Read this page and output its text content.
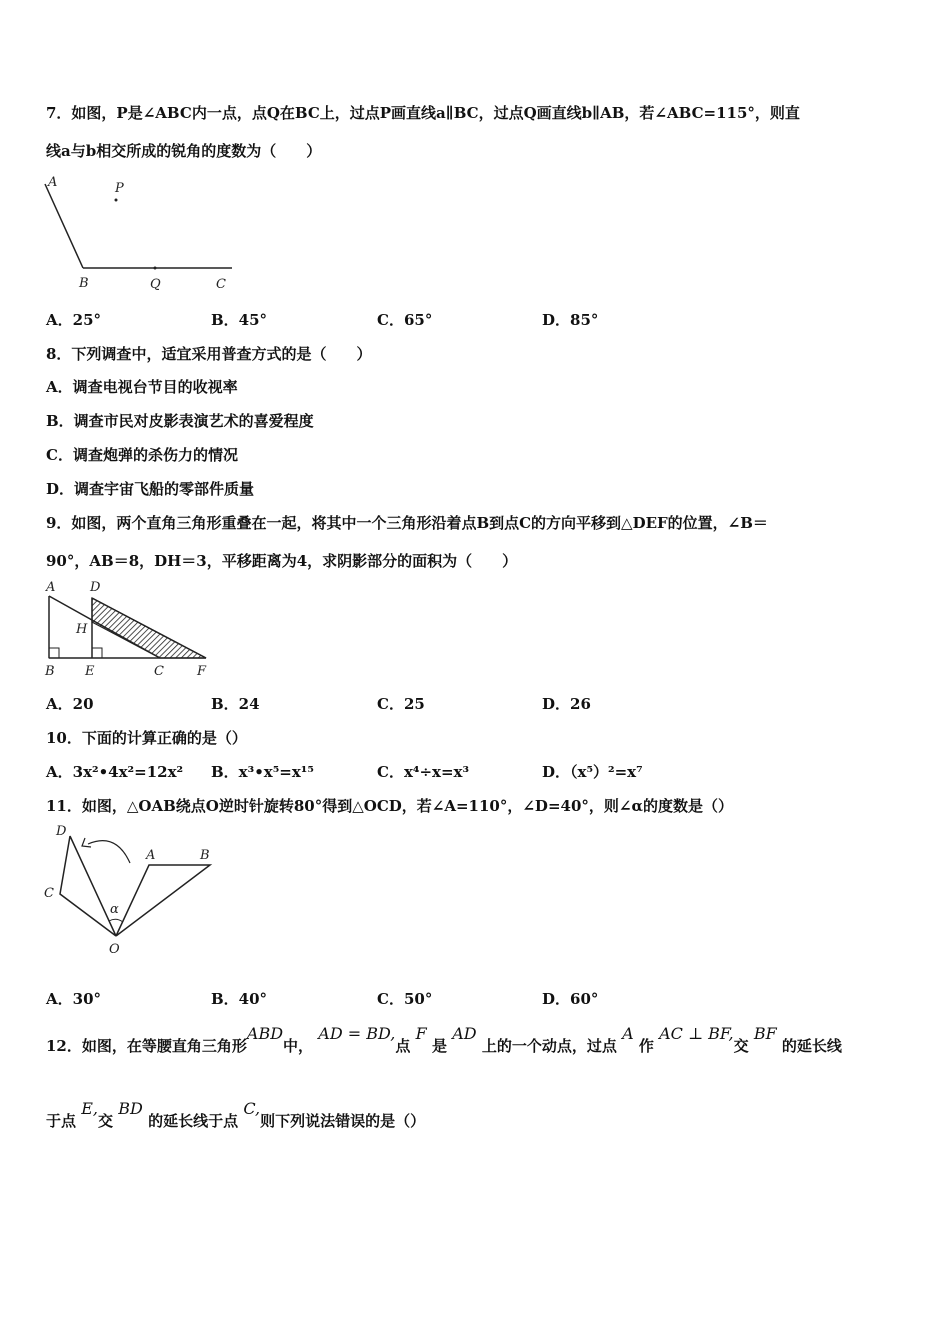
7．如图，P是∠ABC内一点，点Q在BC上，过点P画直线a∥BC，过点Q画直线b∥AB，若∠ABC=115°，则直
线a与b相交所成的锐角的度数为（　　）
A	P
B	Q	C
A．25°	B．45°	C．65°	D．85°
8．下列调查中，适宜采用普查方式的是（　　）
A．调查电视台节目的收视率
B．调查市民对皮影表演艺术的喜爱程度
C．调查炮弹的杀伤力的情况
D．调查宇宙飞船的零部件质量
9．如图，两个直角三角形重叠在一起，将其中一个三角形沿着点B到点C的方向平移到△DEF的位置，∠B＝
90°，AB＝8，DH＝3，平移距离为4，求阴影部分的面积为（　　）
A	D
H
B E	C	F
A．20	B．24	C．25	D．26
10．下面的计算正确的是（）
A．3x²•4x²=12x² B．x³•x⁵=x¹⁵	C．x⁴÷x=x³	D．（x⁵）²=x⁷
11．如图，△OAB绕点O逆时针旋转80°得到△OCD，若∠A=110°，∠D=40°，则∠α的度数是（）
D
A	B
C
α
O
A．30°	B．40°	C．50°	D．60°
12．如图，在等腰直角三角形ABD中， AD = BD,点 F 是 AD 上的一个动点，过点 A 作 AC ⊥ BF,交 BF 的延长线
于点 E,交 BD 的延长线于点 C,则下列说法错误的是（）
